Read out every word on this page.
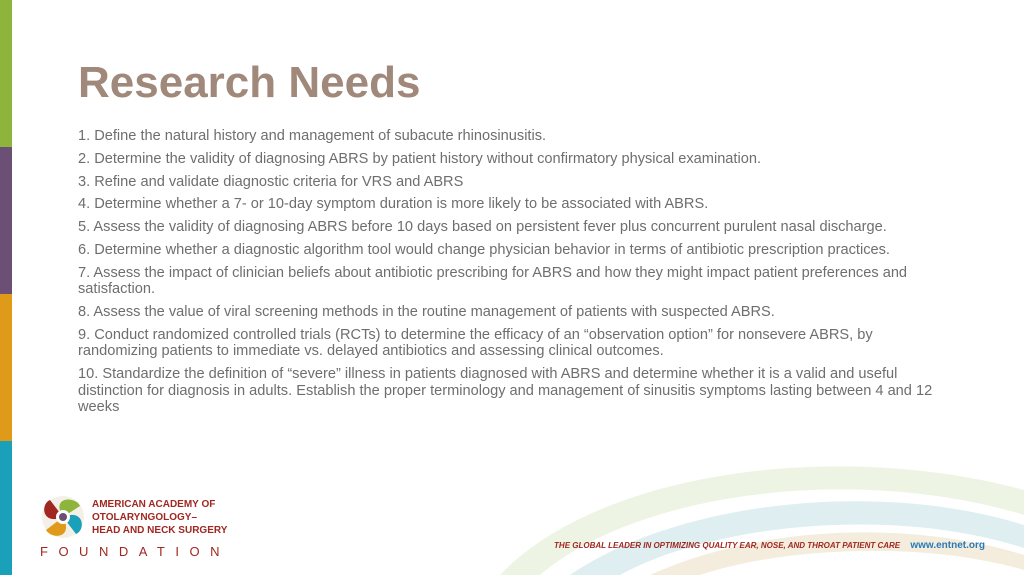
Research Needs
1. Define the natural history and management of subacute rhinosinusitis.
2. Determine the validity of diagnosing ABRS by patient history without confirmatory physical examination.
3. Refine and validate diagnostic criteria for VRS and ABRS
4. Determine whether a 7- or 10-day symptom duration is more likely to be associated with ABRS.
5. Assess the validity of diagnosing ABRS before 10 days based on persistent fever plus concurrent purulent nasal discharge.
6. Determine whether a diagnostic algorithm tool would change physician behavior in terms of antibiotic prescription practices.
7. Assess the impact of clinician beliefs about antibiotic prescribing for ABRS and how they might impact patient preferences and satisfaction.
8. Assess the value of viral screening methods in the routine management of patients with suspected ABRS.
9. Conduct randomized controlled trials (RCTs) to determine the efficacy of an “observation option” for nonsevere ABRS, by randomizing patients to immediate vs. delayed antibiotics and assessing clinical outcomes.
10. Standardize the definition of “severe” illness in patients diagnosed with ABRS and determine whether it is a valid and useful distinction for diagnosis in adults. Establish the proper terminology and management of sinusitis symptoms lasting between 4 and 12 weeks
AMERICAN ACADEMY OF
OTOLARYNGOLOGY–
HEAD AND NECK SURGERY
FOUNDATION	THE GLOBAL LEADER IN OPTIMIZING QUALITY EAR, NOSE, AND THROAT PATIENT CARE www.entnet.org
